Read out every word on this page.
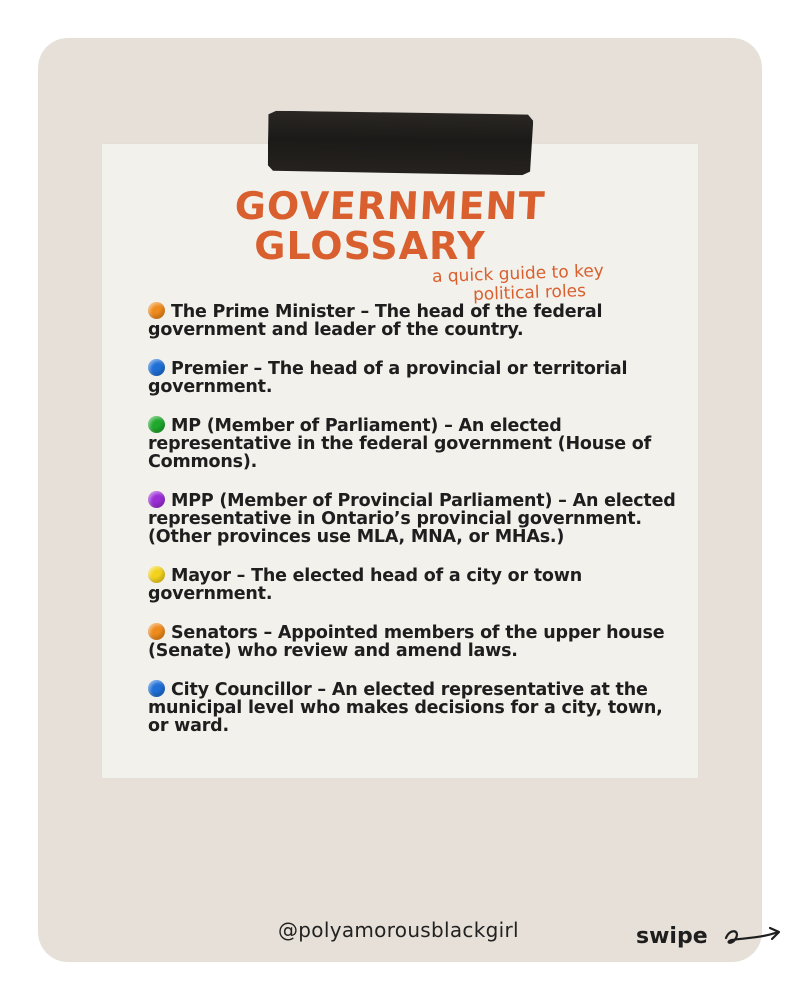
GOVERNMENT
GLOSSARY

a quick guide to key

political roles

The Prime Minister – The head of the federal government and leader of the country.
Premier – The head of a provincial or territorial government.
MP (Member of Parliament) – An elected representative in the federal government (House of Commons).
MPP (Member of Provincial Parliament) – An elected representative in Ontario’s provincial government. (Other provinces use MLA, MNA, or MHAs.)
Mayor – The elected head of a city or town government.
Senators – Appointed members of the upper house (Senate) who review and amend laws.
City Councillor – An elected representative at the municipal level who makes decisions for a city, town, or ward.

@polyamorousblackgirl	swipe
